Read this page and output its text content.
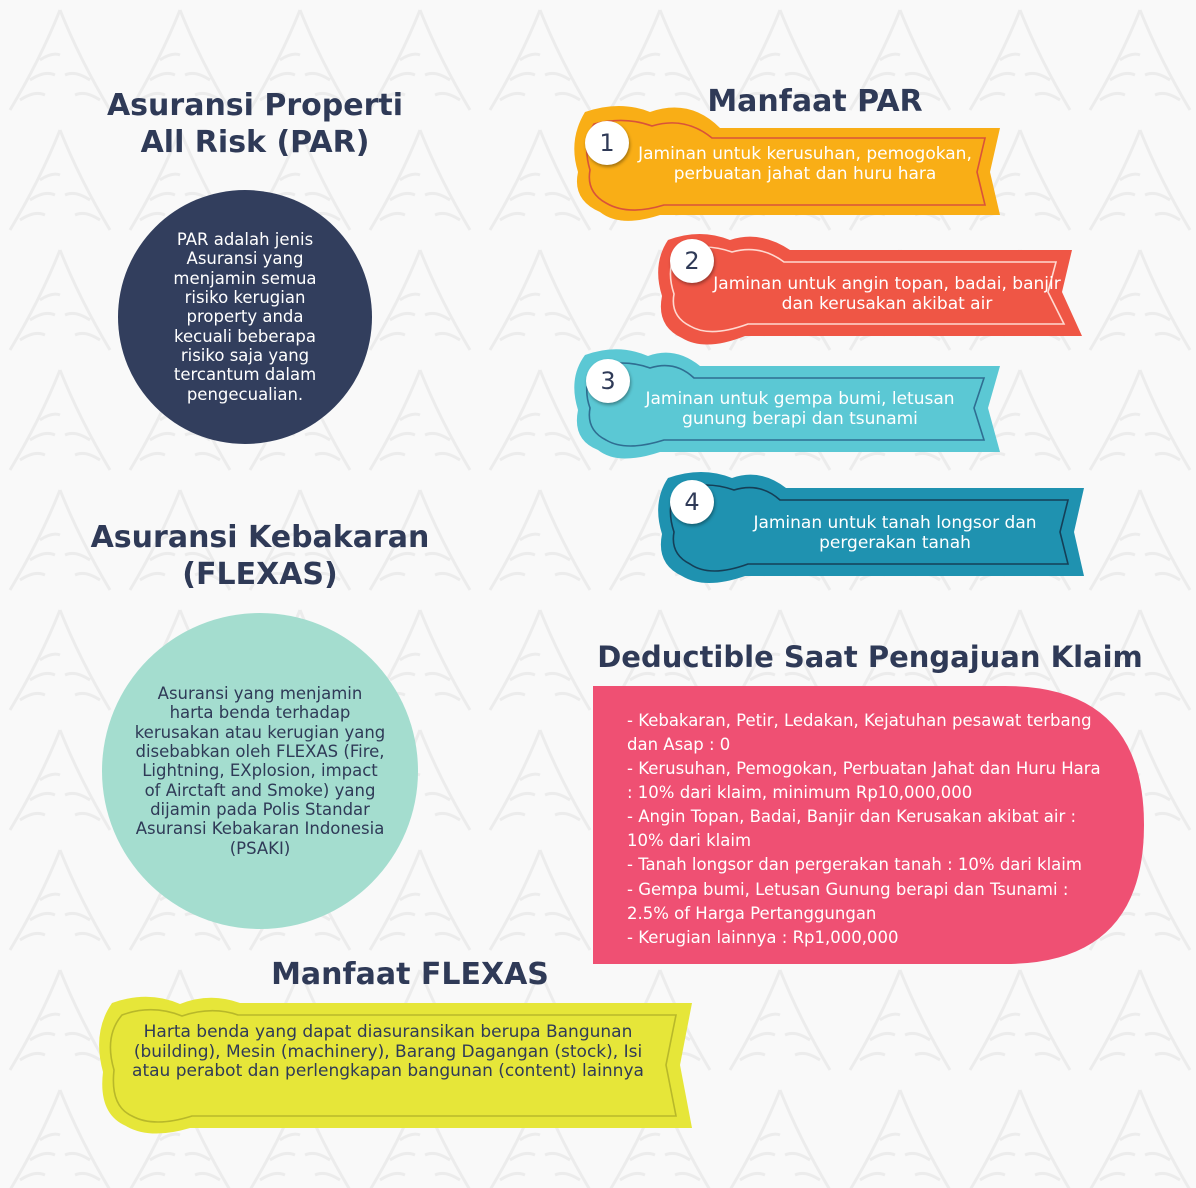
Asuransi Properti All Risk (PAR)

PAR adalah jenis Asuransi yang menjamin semua risiko kerugian property anda kecuali beberapa risiko saja yang tercantum dalam pengecualian.

Asuransi Kebakaran (FLEXAS)

Asuransi yang menjamin harta benda terhadap kerusakan atau kerugian yang disebabkan oleh FLEXAS (Fire, Lightning, EXplosion, impact of Airctaft and Smoke) yang dijamin pada Polis Standar Asuransi Kebakaran Indonesia (PSAKI)

Manfaat PAR
1	Jaminan untuk kerusuhan, pemogokan, perbuatan jahat dan huru hara
2
Jaminan untuk angin topan, badai, banjir dan kerusakan akibat air
3
Jaminan untuk gempa bumi, letusan gunung berapi dan tsunami
4
Jaminan untuk tanah longsor dan pergerakan tanah
Deductible Saat Pengajuan Klaim
- Kebakaran, Petir, Ledakan, Kejatuhan pesawat terbang dan Asap : 0
- Kerusuhan, Pemogokan, Perbuatan Jahat dan Huru Hara : 10% dari klaim, minimum Rp10,000,000
- Angin Topan, Badai, Banjir dan Kerusakan akibat air : 10% dari klaim
- Tanah longsor dan pergerakan tanah : 10% dari klaim
- Gempa bumi, Letusan Gunung berapi dan Tsunami : 2.5% of Harga Pertanggungan
- Kerugian lainnya : Rp1,000,000
Manfaat FLEXAS
Harta benda yang dapat diasuransikan berupa Bangunan (building), Mesin (machinery), Barang Dagangan (stock), Isi atau perabot dan perlengkapan bangunan (content) lainnya
